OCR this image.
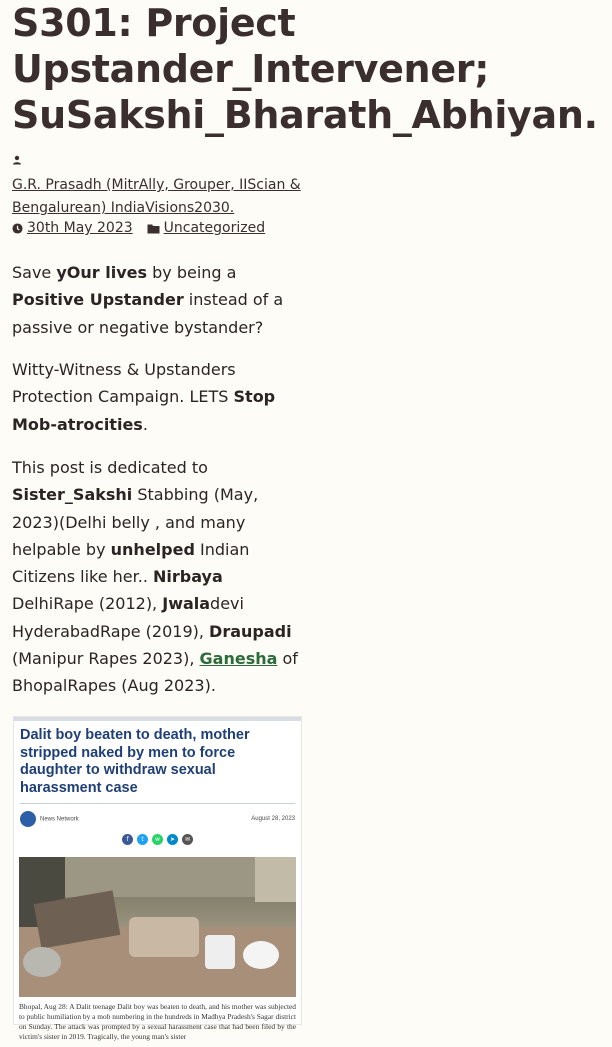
S301: Project Upstander_Intervener; SuSakshi_Bharath_Abhiyan.
G.R. Prasadh (MitrAlly, Grouper, IIScian & Bengalurean) IndiaVisions2030.
30th May 2023 Uncategorized

Save yOur lives by being a Positive Upstander instead of a passive or negative bystander?

Witty-Witness & Upstanders Protection Campaign. LETS Stop Mob-atrocities.

This post is dedicated to Sister_Sakshi Stabbing (May, 2023)(Delhi belly , and many helpable by unhelped Indian Citizens like her.. Nirbaya DelhiRape (2012), Jwaladevi HyderabadRape (2019), Draupadi (Manipur Rapes 2023), Ganesha of BhopalRapes (Aug 2023).

Dalit boy beaten to death, mother stripped naked by men to force daughter to withdraw sexual harassment case
News Network	August 28, 2023
f	t	w	➤	✉

Bhopal, Aug 28: A Dalit teenage Dalit boy was beaten to death, and his mother was subjected to public humiliation by a mob numbering in the hundreds in Madhya Pradesh's Sagar district on Sunday. The attack was prompted by a sexual harassment case that had been filed by the victim's sister in 2019. Tragically, the young man's sister
